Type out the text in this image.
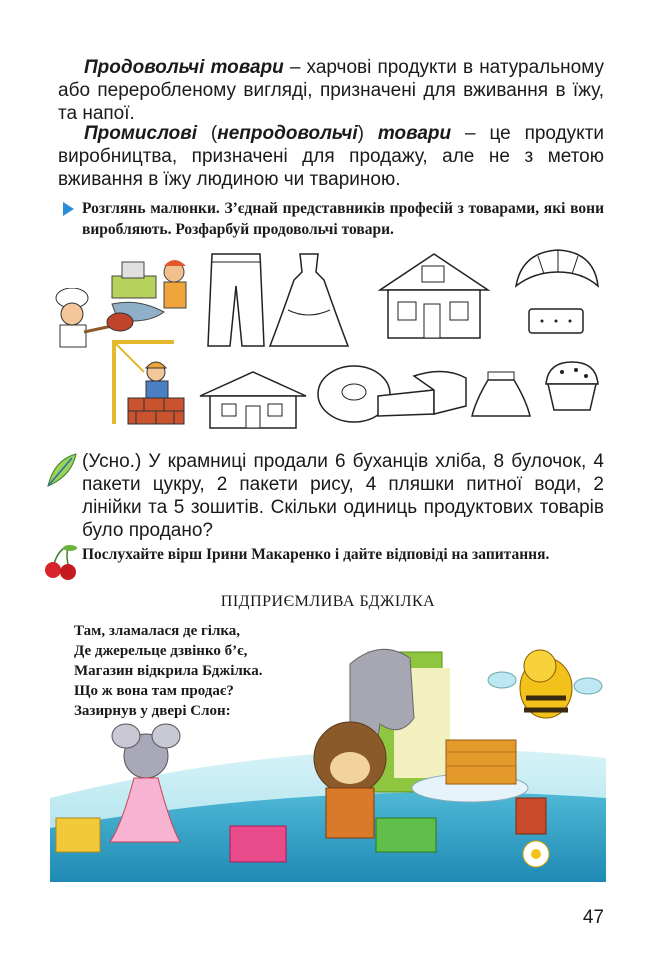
Продовольчі товари – харчові продукти в натуральному або переробленому вигляді, призначені для вживання в їжу, та напої.

Промислові (непродовольчі) товари – це продукти виробництва, призначені для продажу, але не з метою вживання в їжу людиною чи твариною.

Розглянь малюнки. З’єднай представників професій з товарами, які вони виробляють. Розфарбуй продовольчі товари.

(Усно.) У крамниці продали 6 буханців хліба, 8 булочок, 4 пакети цукру, 2 пакети рису, 4 пляшки питної води, 2 лінійки та 5 зошитів. Скільки одиниць продуктових товарів було продано?

Послухайте вірш Ірини Макаренко і дайте відповіді на запитання.

ПІДПРИЄМЛИВА БДЖІЛКА
Там, зламалася де гілка,
Де джерельце дзвінко б’є,
Магазин відкрила Бджілка.
Що ж вона там продає?
Зазирнув у двері Слон:
47
